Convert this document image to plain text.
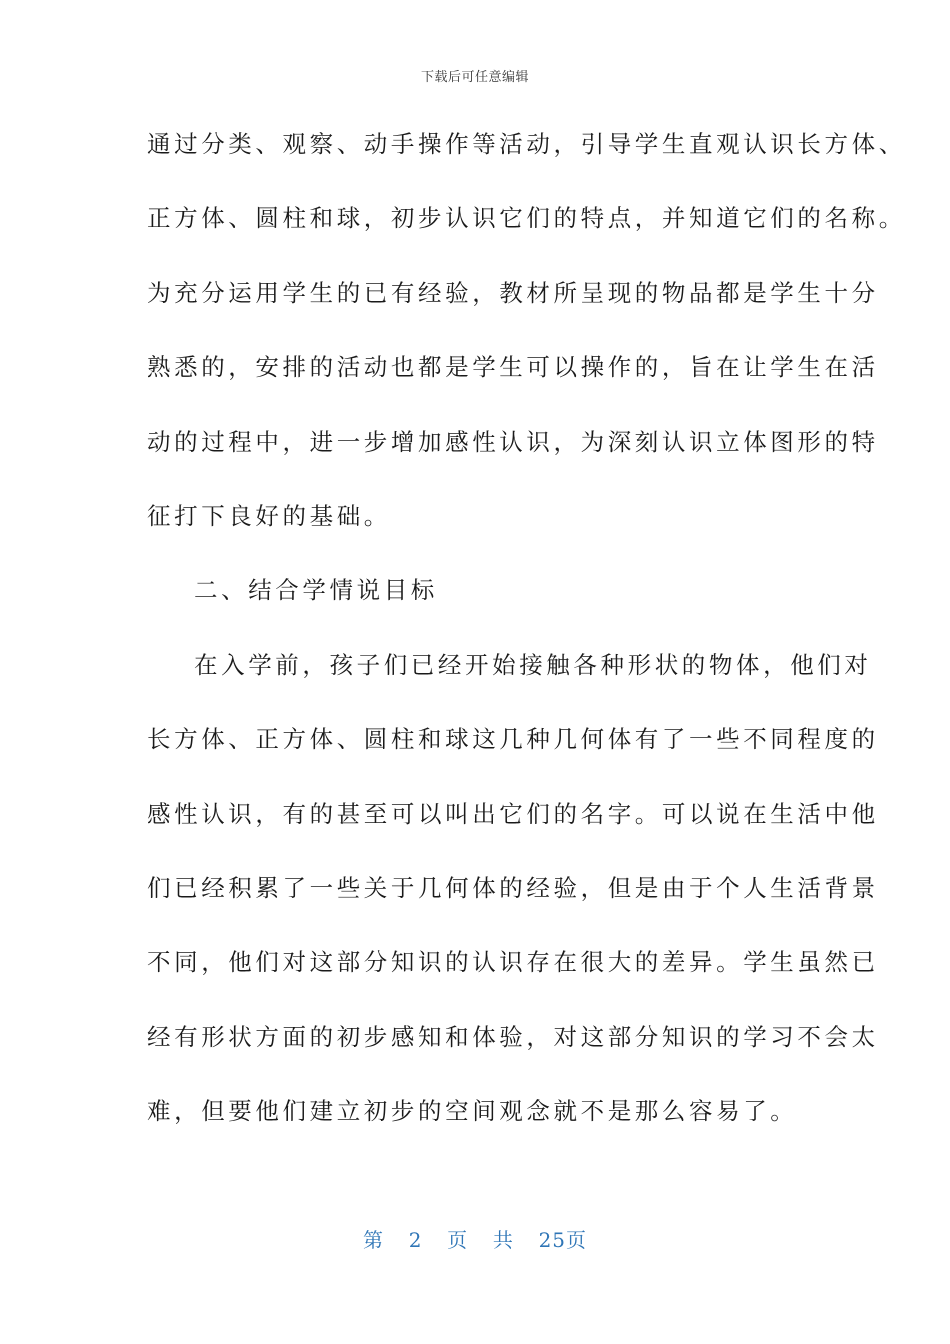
下载后可任意编辑
通过分类、观察、动手操作等活动，引导学生直观认识长方体、
正方体、圆柱和球，初步认识它们的特点，并知道它们的名称。
为充分运用学生的已有经验，教材所呈现的物品都是学生十分
熟悉的，安排的活动也都是学生可以操作的，旨在让学生在活
动的过程中，进一步增加感性认识，为深刻认识立体图形的特
征打下良好的基础。
二、结合学情说目标
在入学前，孩子们已经开始接触各种形状的物体，他们对
长方体、正方体、圆柱和球这几种几何体有了一些不同程度的
感性认识，有的甚至可以叫出它们的名字。可以说在生活中他
们已经积累了一些关于几何体的经验，但是由于个人生活背景
不同，他们对这部分知识的认识存在很大的差异。学生虽然已
经有形状方面的初步感知和体验，对这部分知识的学习不会太
难，但要他们建立初步的空间观念就不是那么容易了。
第 2 页 共 25页
